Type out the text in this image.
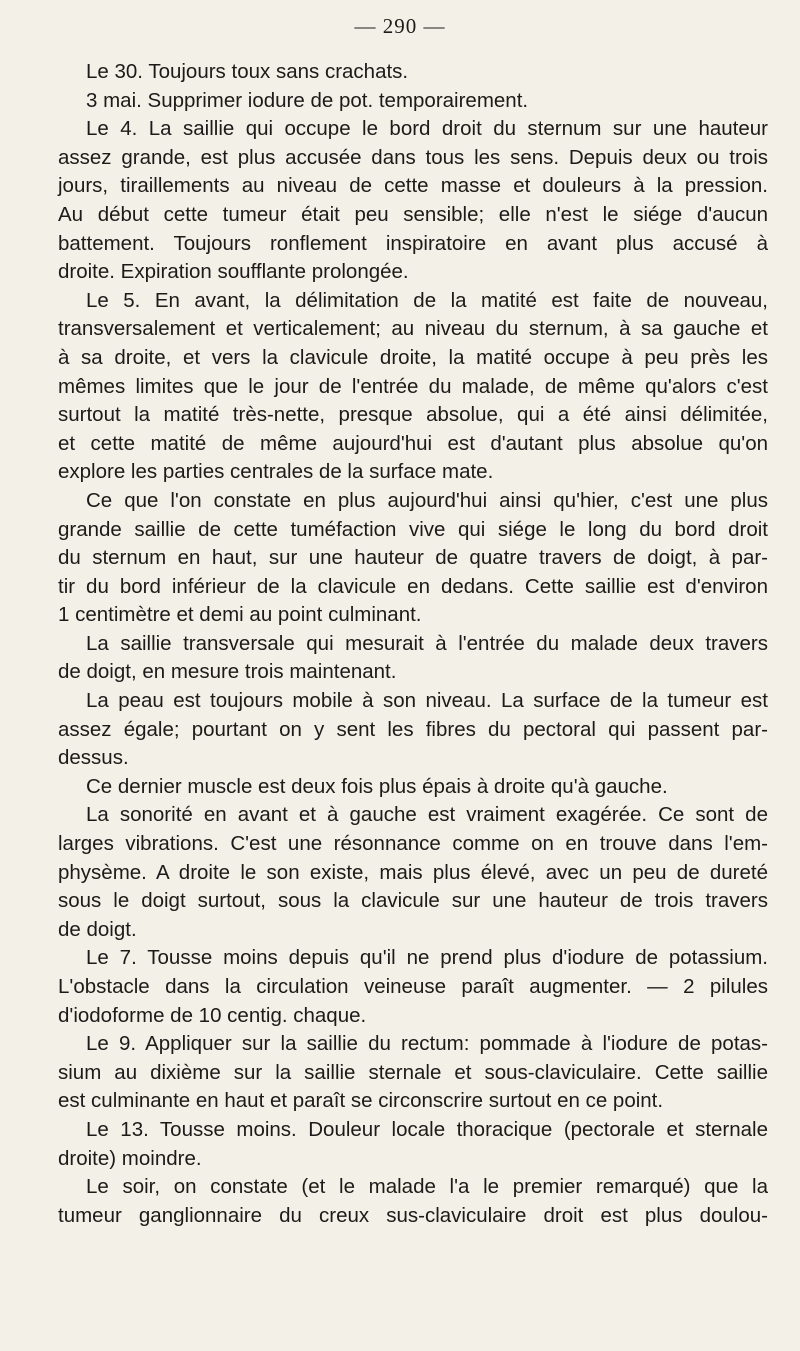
— 290 —
Le 30. Toujours toux sans crachats.
3 mai. Supprimer iodure de pot. temporairement.
Le 4. La saillie qui occupe le bord droit du sternum sur une hauteur
assez grande, est plus accusée dans tous les sens. Depuis deux ou trois
jours, tiraillements au niveau de cette masse et douleurs à la pression.
Au début cette tumeur était peu sensible; elle n'est le siége d'aucun
battement. Toujours ronflement inspiratoire en avant plus accusé à
droite. Expiration soufflante prolongée.
Le 5. En avant, la délimitation de la matité est faite de nouveau,
transversalement et verticalement; au niveau du sternum, à sa gauche et
à sa droite, et vers la clavicule droite, la matité occupe à peu près les
mêmes limites que le jour de l'entrée du malade, de même qu'alors c'est
surtout la matité très-nette, presque absolue, qui a été ainsi délimitée,
et cette matité de même aujourd'hui est d'autant plus absolue qu'on
explore les parties centrales de la surface mate.
Ce que l'on constate en plus aujourd'hui ainsi qu'hier, c'est une plus
grande saillie de cette tuméfaction vive qui siége le long du bord droit
du sternum en haut, sur une hauteur de quatre travers de doigt, à par-
tir du bord inférieur de la clavicule en dedans. Cette saillie est d'environ
1 centimètre et demi au point culminant.
La saillie transversale qui mesurait à l'entrée du malade deux travers
de doigt, en mesure trois maintenant.
La peau est toujours mobile à son niveau. La surface de la tumeur est
assez égale; pourtant on y sent les fibres du pectoral qui passent par-
dessus.
Ce dernier muscle est deux fois plus épais à droite qu'à gauche.
La sonorité en avant et à gauche est vraiment exagérée. Ce sont de
larges vibrations. C'est une résonnance comme on en trouve dans l'em-
physème. A droite le son existe, mais plus élevé, avec un peu de dureté
sous le doigt surtout, sous la clavicule sur une hauteur de trois travers
de doigt.
Le 7. Tousse moins depuis qu'il ne prend plus d'iodure de potassium.
L'obstacle dans la circulation veineuse paraît augmenter. — 2 pilules
d'iodoforme de 10 centig. chaque.
Le 9. Appliquer sur la saillie du rectum: pommade à l'iodure de potas-
sium au dixième sur la saillie sternale et sous-claviculaire. Cette saillie
est culminante en haut et paraît se circonscrire surtout en ce point.
Le 13. Tousse moins. Douleur locale thoracique (pectorale et sternale
droite) moindre.
Le soir, on constate (et le malade l'a le premier remarqué) que la
tumeur ganglionnaire du creux sus-claviculaire droit est plus doulou-
